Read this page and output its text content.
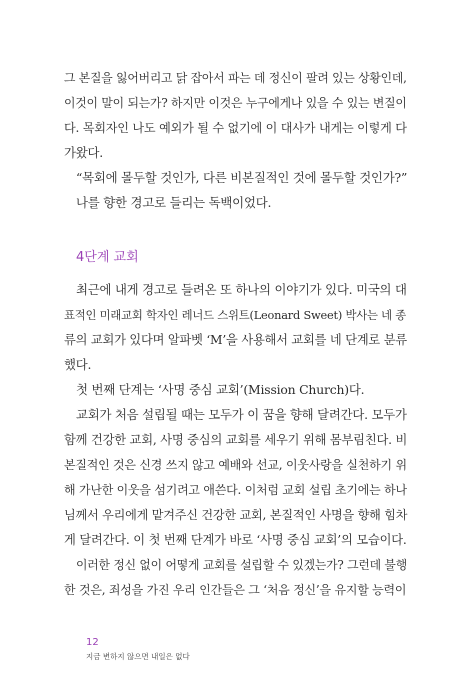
그 본질을 잃어버리고 닭 잡아서 파는 데 정신이 팔려 있는 상황인데,
이것이 말이 되는가? 하지만 이것은 누구에게나 있을 수 있는 변질이
다. 목회자인 나도 예외가 될 수 없기에 이 대사가 내게는 이렇게 다
가왔다.
“목회에 몰두할 것인가, 다른 비본질적인 것에 몰두할 것인가?”
나를 향한 경고로 들리는 독백이었다.
4단계 교회
최근에 내게 경고로 들려온 또 하나의 이야기가 있다. 미국의 대
표적인 미래교회 학자인 레너드 스위트(Leonard Sweet) 박사는 네 종
류의 교회가 있다며 알파벳 ‘M’을 사용해서 교회를 네 단계로 분류
했다.
첫 번째 단계는 ‘사명 중심 교회’(Mission Church)다.
교회가 처음 설립될 때는 모두가 이 꿈을 향해 달려간다. 모두가
함께 건강한 교회, 사명 중심의 교회를 세우기 위해 몸부림친다. 비
본질적인 것은 신경 쓰지 않고 예배와 선교, 이웃사랑을 실천하기 위
해 가난한 이웃을 섬기려고 애쓴다. 이처럼 교회 설립 초기에는 하나
님께서 우리에게 맡겨주신 건강한 교회, 본질적인 사명을 향해 힘차
게 달려간다. 이 첫 번째 단계가 바로 ‘사명 중심 교회’의 모습이다.
이러한 정신 없이 어떻게 교회를 설립할 수 있겠는가? 그런데 불행
한 것은, 죄성을 가진 우리 인간들은 그 ‘처음 정신’을 유지할 능력이
12
지금 변하지 않으면 내일은 없다
